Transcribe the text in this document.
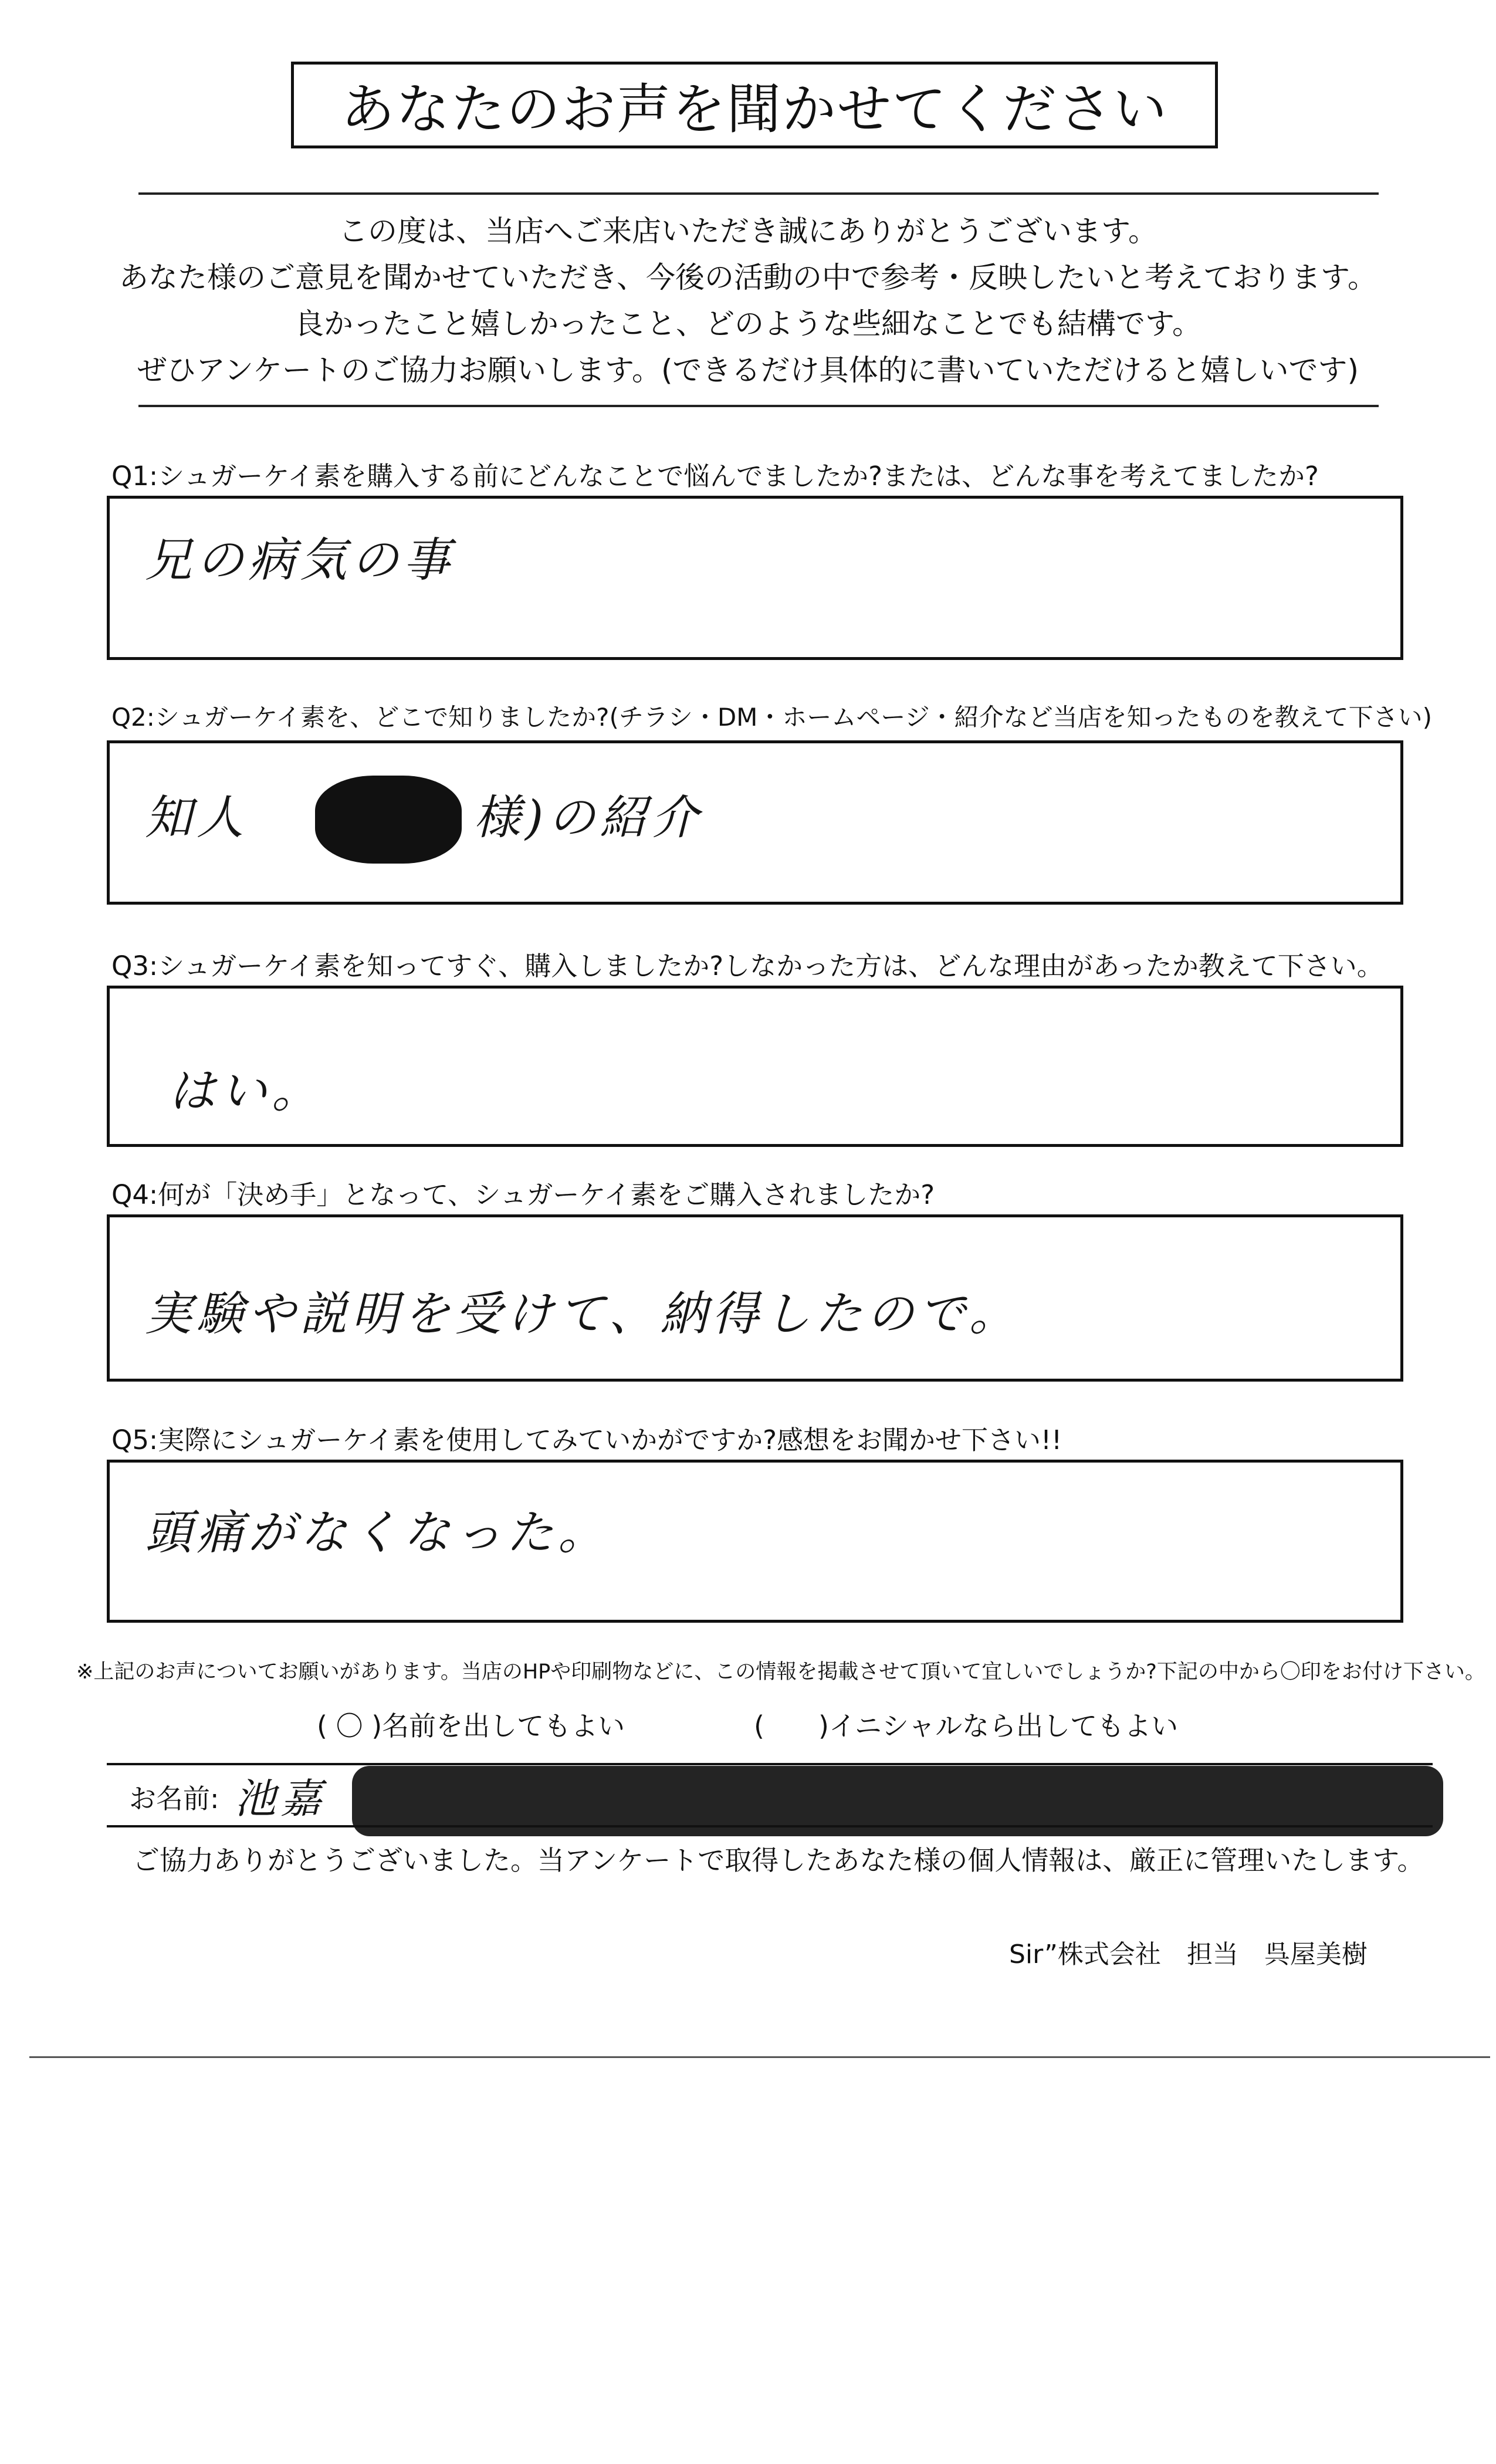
あなたのお声を聞かせてください
この度は、当店へご来店いただき誠にありがとうございます。
あなた様のご意見を聞かせていただき、今後の活動の中で参考・反映したいと考えております。
良かったこと嬉しかったこと、どのような些細なことでも結構です。
ぜひアンケートのご協力お願いします。(できるだけ具体的に書いていただけると嬉しいです)
Q1:シュガーケイ素を購入する前にどんなことで悩んでましたか?または、どんな事を考えてましたか?
兄の病気の事
Q2:シュガーケイ素を、どこで知りましたか?(チラシ・DM・ホームページ・紹介など当店を知ったものを教えて下さい)
知人	様)の紹介
Q3:シュガーケイ素を知ってすぐ、購入しましたか?しなかった方は、どんな理由があったか教えて下さい。
はい。
Q4:何が「決め手」となって、シュガーケイ素をご購入されましたか?
実験や説明を受けて、納得したので。
Q5:実際にシュガーケイ素を使用してみていかがですか?感想をお聞かせ下さい!!
頭痛がなくなった。
※上記のお声についてお願いがあります。当店のHPや印刷物などに、この情報を掲載させて頂いて宜しいでしょうか?下記の中から〇印をお付け下さい。
( 〇 )名前を出してもよい	(　　)イニシャルなら出してもよい
お名前: 池嘉
ご協力ありがとうございました。当アンケートで取得したあなた様の個人情報は、厳正に管理いたします。
Sir”株式会社　担当　呉屋美樹
